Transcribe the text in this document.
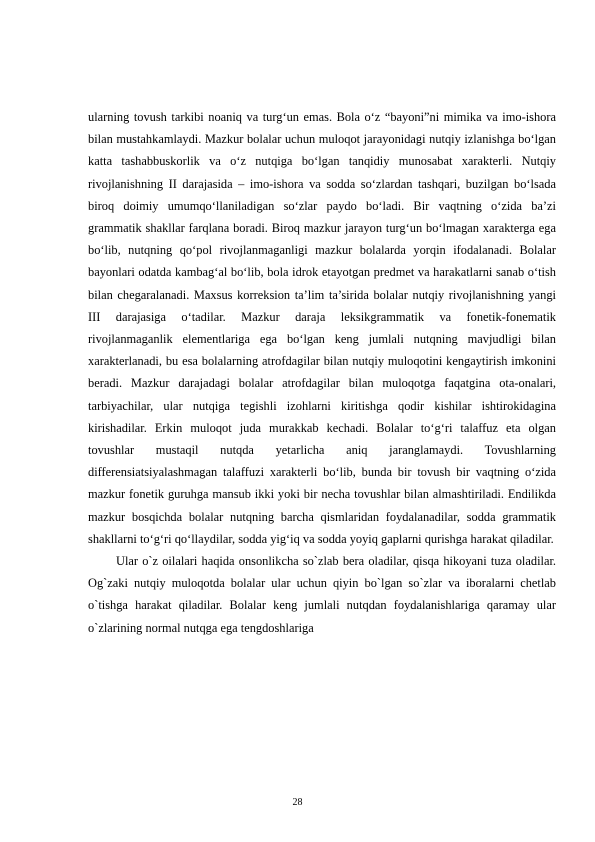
ularning tovush tarkibi noaniq va turg‘un emas. Bola o‘z “bayoni”ni mimika va imo-ishora bilan mustahkamlaydi. Mazkur bolalar uchun muloqot jarayonidagi nutqiy izlanishga bo‘lgan katta tashabbuskorlik va o‘z nutqiga bo‘lgan tanqidiy munosabat xarakterli. Nutqiy rivojlanishning II darajasida – imo-ishora va sodda so‘zlardan tashqari, buzilgan bo‘lsada biroq doimiy umumqo‘llaniladigan so‘zlar paydo bo‘ladi. Bir vaqtning o‘zida ba’zi grammatik shakllar farqlana boradi. Biroq mazkur jarayon turg‘un bo‘lmagan xarakterga ega bo‘lib, nutqning qo‘pol rivojlanmaganligi mazkur bolalarda yorqin ifodalanadi. Bolalar bayonlari odatda kambag‘al bo‘lib, bola idrok etayotgan predmet va harakatlarni sanab o‘tish bilan chegaralanadi. Maxsus korreksion ta’lim ta’sirida bolalar nutqiy rivojlanishning yangi III darajasiga o‘tadilar. Mazkur daraja leksikgrammatik va fonetik-fonematik rivojlanmaganlik elementlariga ega bo‘lgan keng jumlali nutqning mavjudligi bilan xarakterlanadi, bu esa bolalarning atrofdagilar bilan nutqiy muloqotini kengaytirish imkonini beradi. Mazkur darajadagi bolalar atrofdagilar bilan muloqotga faqatgina ota-onalari, tarbiyachilar, ular nutqiga tegishli izohlarni kiritishga qodir kishilar ishtirokidagina kirishadilar. Erkin muloqot juda murakkab kechadi. Bolalar to‘g‘ri talaffuz eta olgan tovushlar mustaqil nutqda yetarlicha aniq jaranglamaydi. Tovushlarning differensiatsiyalashmagan talaffuzi xarakterli bo‘lib, bunda bir tovush bir vaqtning o‘zida mazkur fonetik guruhga mansub ikki yoki bir necha tovushlar bilan almashtiriladi. Endilikda mazkur bosqichda bolalar nutqning barcha qismlaridan foydalanadilar, sodda grammatik shakllarni to‘g‘ri qo‘llaydilar, sodda yig‘iq va sodda yoyiq gaplarni qurishga harakat qiladilar.

Ular o`z oilalari haqida onsonlikcha so`zlab bera oladilar, qisqa hikoyani tuza oladilar. Og`zaki nutqiy muloqotda bolalar ular uchun qiyin bo`lgan so`zlar va iboralarni chetlab o`tishga harakat qiladilar. Bolalar keng jumlali nutqdan foydalanishlariga qaramay ular o`zlarining normal nutqga ega tengdoshlariga

28
